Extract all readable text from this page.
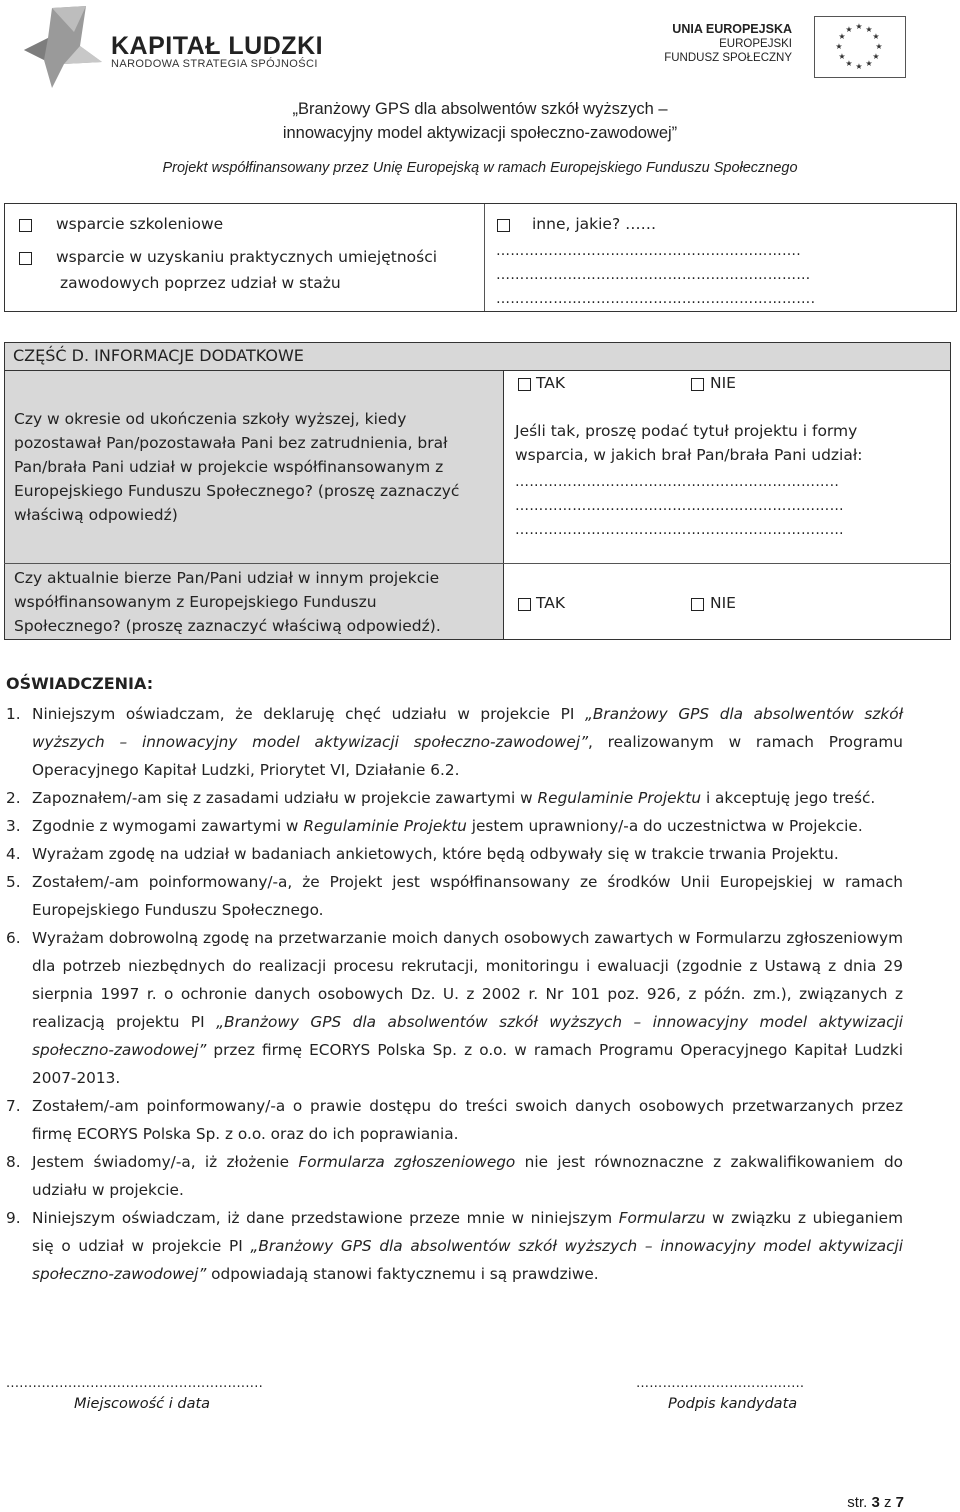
KAPITAŁ LUDZKI
NARODOWA STRATEGIA SPÓJNOŚCI
UNIA EUROPEJSKA
EUROPEJSKI
FUNDUSZ SPOŁECZNY
★ ★
★
★
★
★
★
★
★
★
★
★
„Branżowy GPS dla absolwentów szkół wyższych –
innowacyjny model aktywizacji społeczno-zawodowej”
Projekt współfinansowany przez Unię Europejską w ramach Europejskiego Funduszu Społecznego
wsparcie szkoleniowe
wsparcie w uzyskaniu praktycznych umiejętności
zawodowych poprzez udział w stażu
inne, jakie? ……
……………………………………………………….
…………………………………………………………
………………………………………………………….
CZĘŚĆ D. INFORMACJE DODATKOWE
Czy w okresie od ukończenia szkoły wyższej, kiedy
pozostawał Pan/pozostawała Pani bez zatrudnienia, brał
Pan/brała Pani udział w projekcie współfinansowanym z
Europejskiego Funduszu Społecznego? (proszę zaznaczyć
właściwą odpowiedź)
TAK	NIE
Jeśli tak, proszę podać tytuł projektu i formy
wsparcia, w jakich brał Pan/brała Pani udział:
…………………………………………………………..
……………………………………………………………
……………………………………………………………
Czy aktualnie bierze Pan/Pani udział w innym projekcie
współfinansowanym z Europejskiego Funduszu
Społecznego? (proszę zaznaczyć właściwą odpowiedź).
TAK	NIE
OŚWIADCZENIA:
1. Niniejszym oświadczam, że deklaruję chęć udziału w projekcie PI „Branżowy GPS dla absolwentów szkół wyższych – innowacyjny model aktywizacji społeczno-zawodowej”, realizowanym w ramach Programu Operacyjnego Kapitał Ludzki, Priorytet VI, Działanie 6.2.
2. Zapoznałem/-am się z zasadami udziału w projekcie zawartymi w Regulaminie Projektu i akceptuję jego treść.
3. Zgodnie z wymogami zawartymi w Regulaminie Projektu jestem uprawniony/-a do uczestnictwa w Projekcie.
4. Wyrażam zgodę na udział w badaniach ankietowych, które będą odbywały się w trakcie trwania Projektu.
5. Zostałem/-am poinformowany/-a, że Projekt jest współfinansowany ze środków Unii Europejskiej w ramach Europejskiego Funduszu Społecznego.
6. Wyrażam dobrowolną zgodę na przetwarzanie moich danych osobowych zawartych w Formularzu zgłoszeniowym dla potrzeb niezbędnych do realizacji procesu rekrutacji, monitoringu i ewaluacji (zgodnie z Ustawą z dnia 29 sierpnia 1997 r. o ochronie danych osobowych Dz. U. z 2002 r. Nr 101 poz. 926, z późn. zm.), związanych z realizacją projektu PI „Branżowy GPS dla absolwentów szkół wyższych – innowacyjny model aktywizacji społeczno-zawodowej” przez firmę ECORYS Polska Sp. z o.o. w ramach Programu Operacyjnego Kapitał Ludzki 2007-2013.
7. Zostałem/-am poinformowany/-a o prawie dostępu do treści swoich danych osobowych przetwarzanych przez firmę ECORYS Polska Sp. z o.o. oraz do ich poprawiania.
8. Jestem świadomy/-a, iż złożenie Formularza zgłoszeniowego nie jest równoznaczne z zakwalifikowaniem do udziału w projekcie.
9. Niniejszym oświadczam, iż dane przedstawione przeze mnie w niniejszym Formularzu w związku z ubieganiem się o udział w projekcie PI „Branżowy GPS dla absolwentów szkół wyższych – innowacyjny model aktywizacji społeczno-zawodowej” odpowiadają stanowi faktycznemu i są prawdziwe.
..........................................................
Miejscowość i data
……………………………..…
Podpis kandydata
str. 3 z 7
